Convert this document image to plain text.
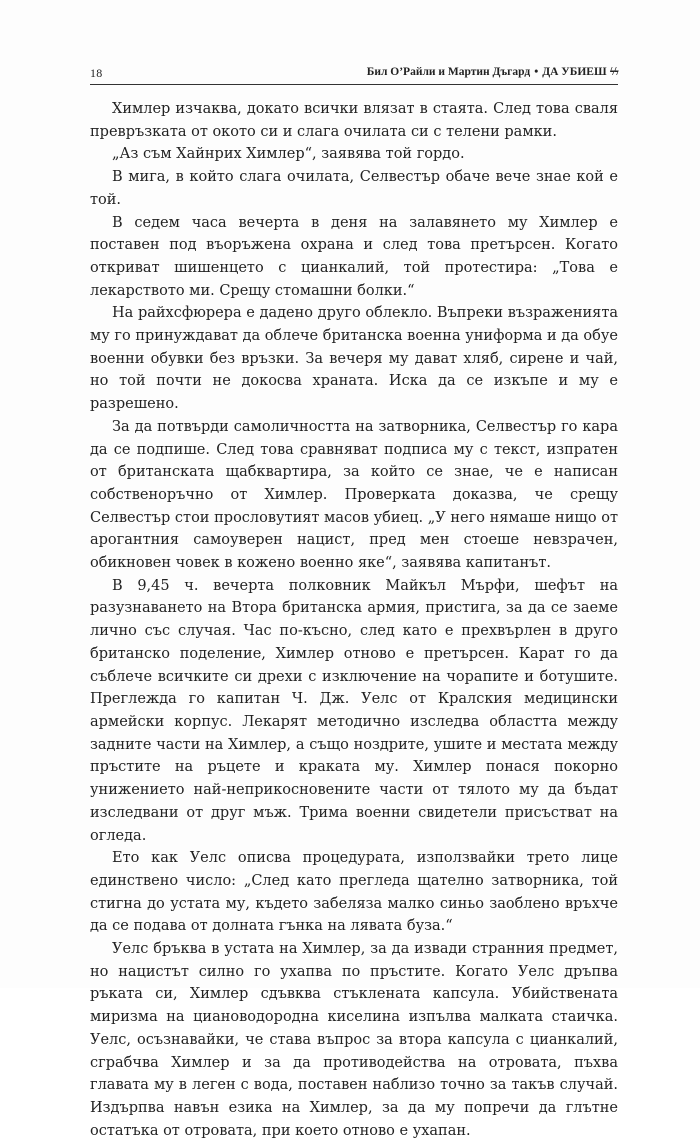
18	Бил О’Райли и Мартин Дъгард • ДА УБИЕШ ϟϟ

Химлер изчаква, докато всички влязат в стаята. След това сваля превръзката от окото си и слага очилата си с телени рамки.

„Аз съм Хайнрих Химлер“, заявява той гордо.

В мига, в който слага очилата, Селвестър обаче вече знае кой е той.

В седем часа вечерта в деня на залавянето му Химлер е поставен под въоръжена охрана и след това претърсен. Когато откриват шишенцето с цианкалий, той протестира: „Това е лекарството ми. Срещу стомашни болки.“

На райхсфюрера е дадено друго облекло. Въпреки възраженията му го принуждават да облече британска военна униформа и да обуе военни обувки без връзки. За вечеря му дават хляб, сирене и чай, но той почти не докосва храната. Иска да се изкъпе и му е разрешено.

За да потвърди самоличността на затворника, Селвестър го кара да се подпише. След това сравняват подписа му с текст, изпратен от британската щабквартира, за който се знае, че е написан собственоръчно от Химлер. Проверката доказва, че срещу Селвестър стои прословутият масов убиец. „У него нямаше нищо от арогантния самоуверен нацист, пред мен стоеше невзрачен, обикновен човек в кожено военно яке“, заявява капитанът.

В 9,45 ч. вечерта полковник Майкъл Мърфи, шефът на разузнаването на Втора британска армия, пристига, за да се заеме лично със случая. Час по-късно, след като е прехвърлен в друго британско поделение, Химлер отново е претърсен. Карат го да съблече всичките си дрехи с изключение на чорапите и ботушите. Преглежда го капитан Ч. Дж. Уелс от Кралския медицински армейски корпус. Лекарят методично изследва областта между задните части на Химлер, а също ноздрите, ушите и местата между пръстите на ръцете и краката му. Химлер понася покорно унижението най-неприкосновените части от тялото му да бъдат изследвани от друг мъж. Трима военни свидетели присъстват на огледа.

Ето как Уелс описва процедурата, използвайки трето лице единствено число: „След като прегледа щателно затворника, той стигна до устата му, където забеляза малко синьо заоблено връхче да се подава от долната гънка на лявата буза.“

Уелс бръква в устата на Химлер, за да извади странния предмет, но нацистът силно го ухапва по пръстите. Когато Уелс дръпва ръката си, Химлер сдъвква стъклената капсула. Убийствената миризма на циановодородна киселина изпълва малката стаичка. Уелс, осъзнавайки, че става въпрос за втора капсула с цианкалий, сграбчва Химлер и за да противодейства на отровата, пъхва главата му в леген с вода, поставен наблизо точно за такъв случай. Издърпва навън езика на Химлер, за да му попречи да глътне остатъка от отровата, при което отново е ухапан.
